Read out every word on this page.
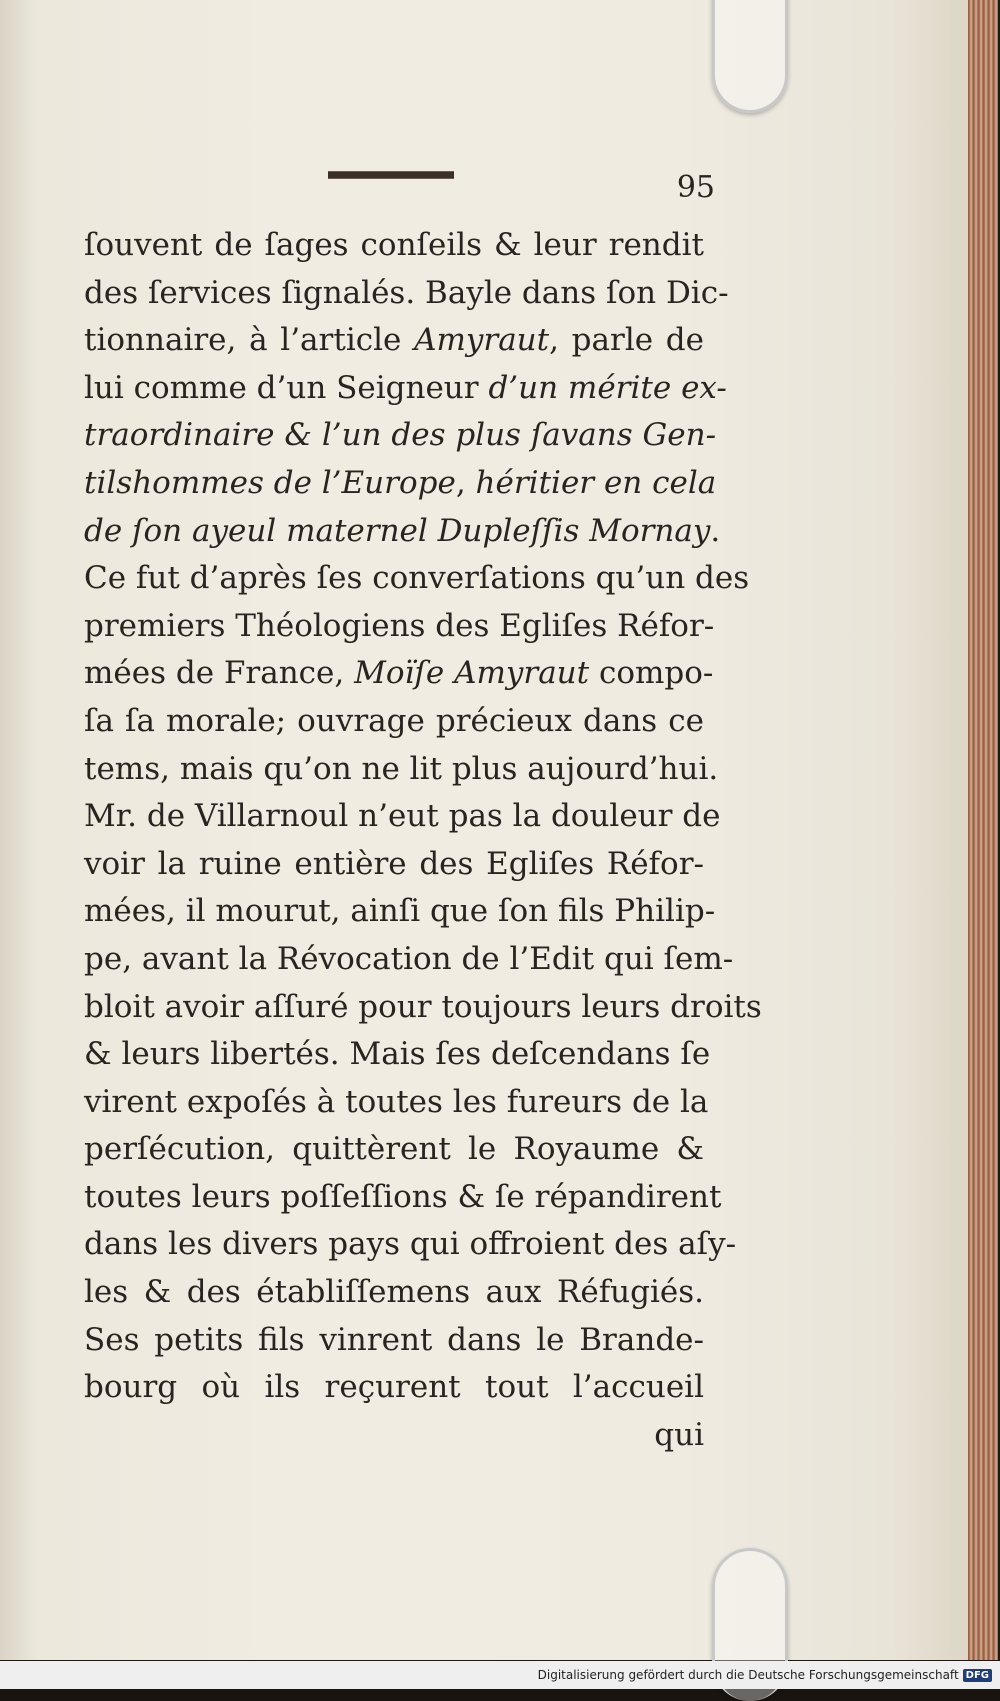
95
ſouvent de ſages conſeils & leur rendit
des ſervices ſignalés. Bayle dans ſon Dic-
tionnaire, à l’article Amyraut, parle de
lui comme d’un Seigneur d’un mérite ex-
traordinaire & l’un des plus ſavans Gen-
tilshommes de l’Europe, héritier en cela
de ſon ayeul maternel Dupleſſis Mornay.
Ce fut d’après ſes converſations qu’un des
premiers Théologiens des Egliſes Réfor-
mées de France, Moïſe Amyraut compo-
ſa ſa morale; ouvrage précieux dans ce
tems, mais qu’on ne lit plus aujourd’hui.
Mr. de Villarnoul n’eut pas la douleur de
voir la ruine entière des Egliſes Réfor-
mées, il mourut, ainſi que ſon fils Philip-
pe, avant la Révocation de l’Edit qui ſem-
bloit avoir aſſuré pour toujours leurs droits
& leurs libertés. Mais ſes deſcendans ſe
virent expoſés à toutes les fureurs de la
perſécution, quittèrent le Royaume &
toutes leurs poſſeſſions & ſe répandirent
dans les divers pays qui offroient des aſy-
les & des établiſſemens aux Réfugiés.
Ses petits fils vinrent dans le Brande-
bourg où ils reçurent tout l’accueil
qui
Digitalisierung gefördert durch die Deutsche Forschungsgemeinschaft DFG
